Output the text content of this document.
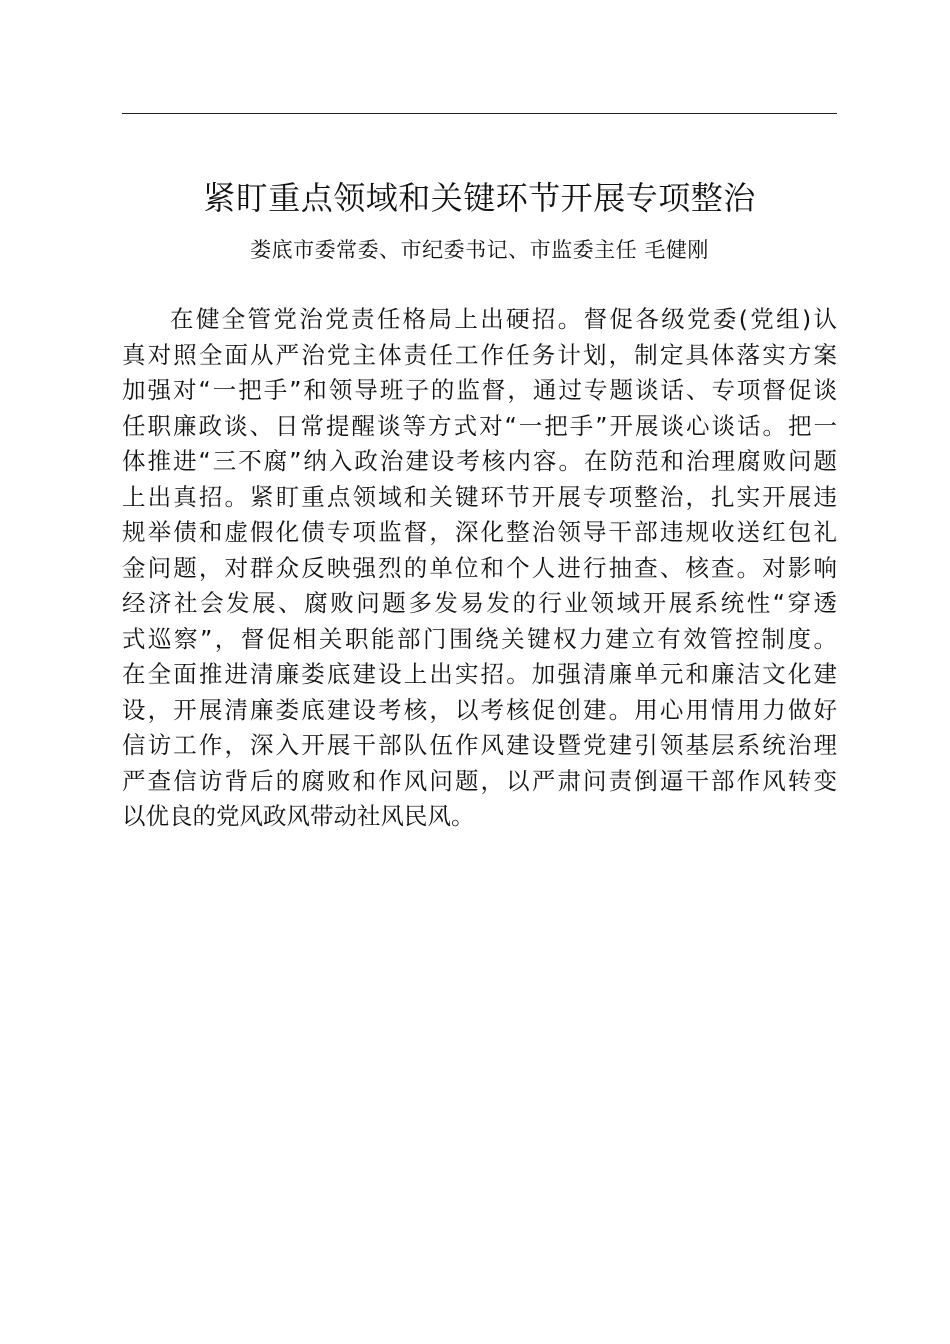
紧盯重点领域和关键环节开展专项整治

娄底市委常委、市纪委书记、市监委主任 毛健刚

在健全管党治党责任格局上出硬招。督促各级党委(党组)认
真对照全面从严治党主体责任工作任务计划，制定具体落实方案
加强对“一把手”和领导班子的监督，通过专题谈话、专项督促谈
任职廉政谈、日常提醒谈等方式对“一把手”开展谈心谈话。把一
体推进“三不腐”纳入政治建设考核内容。在防范和治理腐败问题
上出真招。紧盯重点领域和关键环节开展专项整治，扎实开展违
规举债和虚假化债专项监督，深化整治领导干部违规收送红包礼
金问题，对群众反映强烈的单位和个人进行抽查、核查。对影响
经济社会发展、腐败问题多发易发的行业领域开展系统性“穿透
式巡察”，督促相关职能部门围绕关键权力建立有效管控制度。
在全面推进清廉娄底建设上出实招。加强清廉单元和廉洁文化建
设，开展清廉娄底建设考核，以考核促创建。用心用情用力做好
信访工作，深入开展干部队伍作风建设暨党建引领基层系统治理
严查信访背后的腐败和作风问题，以严肃问责倒逼干部作风转变
以优良的党风政风带动社风民风。
